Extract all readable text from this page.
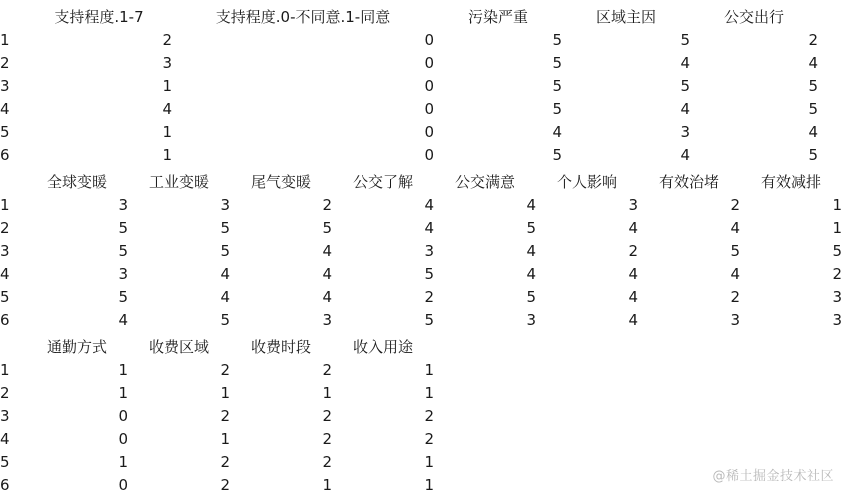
	支持程度.1-7	支持程度.0-不同意.1-同意	污染严重	区域主因	公交出行
1	2	0	5	5	2
2	3	0	5	4	4
3	1	0	5	5	5
4	4	0	5	4	5
5	1	0	4	3	4
6	1	0	5	4	5
	全球变暖	工业变暖	尾气变暖	公交了解	公交满意	个人影响	有效治堵	有效减排
1	3	3	2	4	4	3	2	1
2	5	5	5	4	5	4	4	1
3	5	5	4	3	4	2	5	5
4	3	4	4	5	4	4	4	2
5	5	4	4	2	5	4	2	3
6	4	5	3	5	3	4	3	3
	通勤方式	收费区域	收费时段	收入用途
1	1	2	2	1
2	1	1	1	1
3	0	2	2	2
4	0	1	2	2
5	1	2	2	1
6	0	2	1	1	@稀土掘金技术社区
